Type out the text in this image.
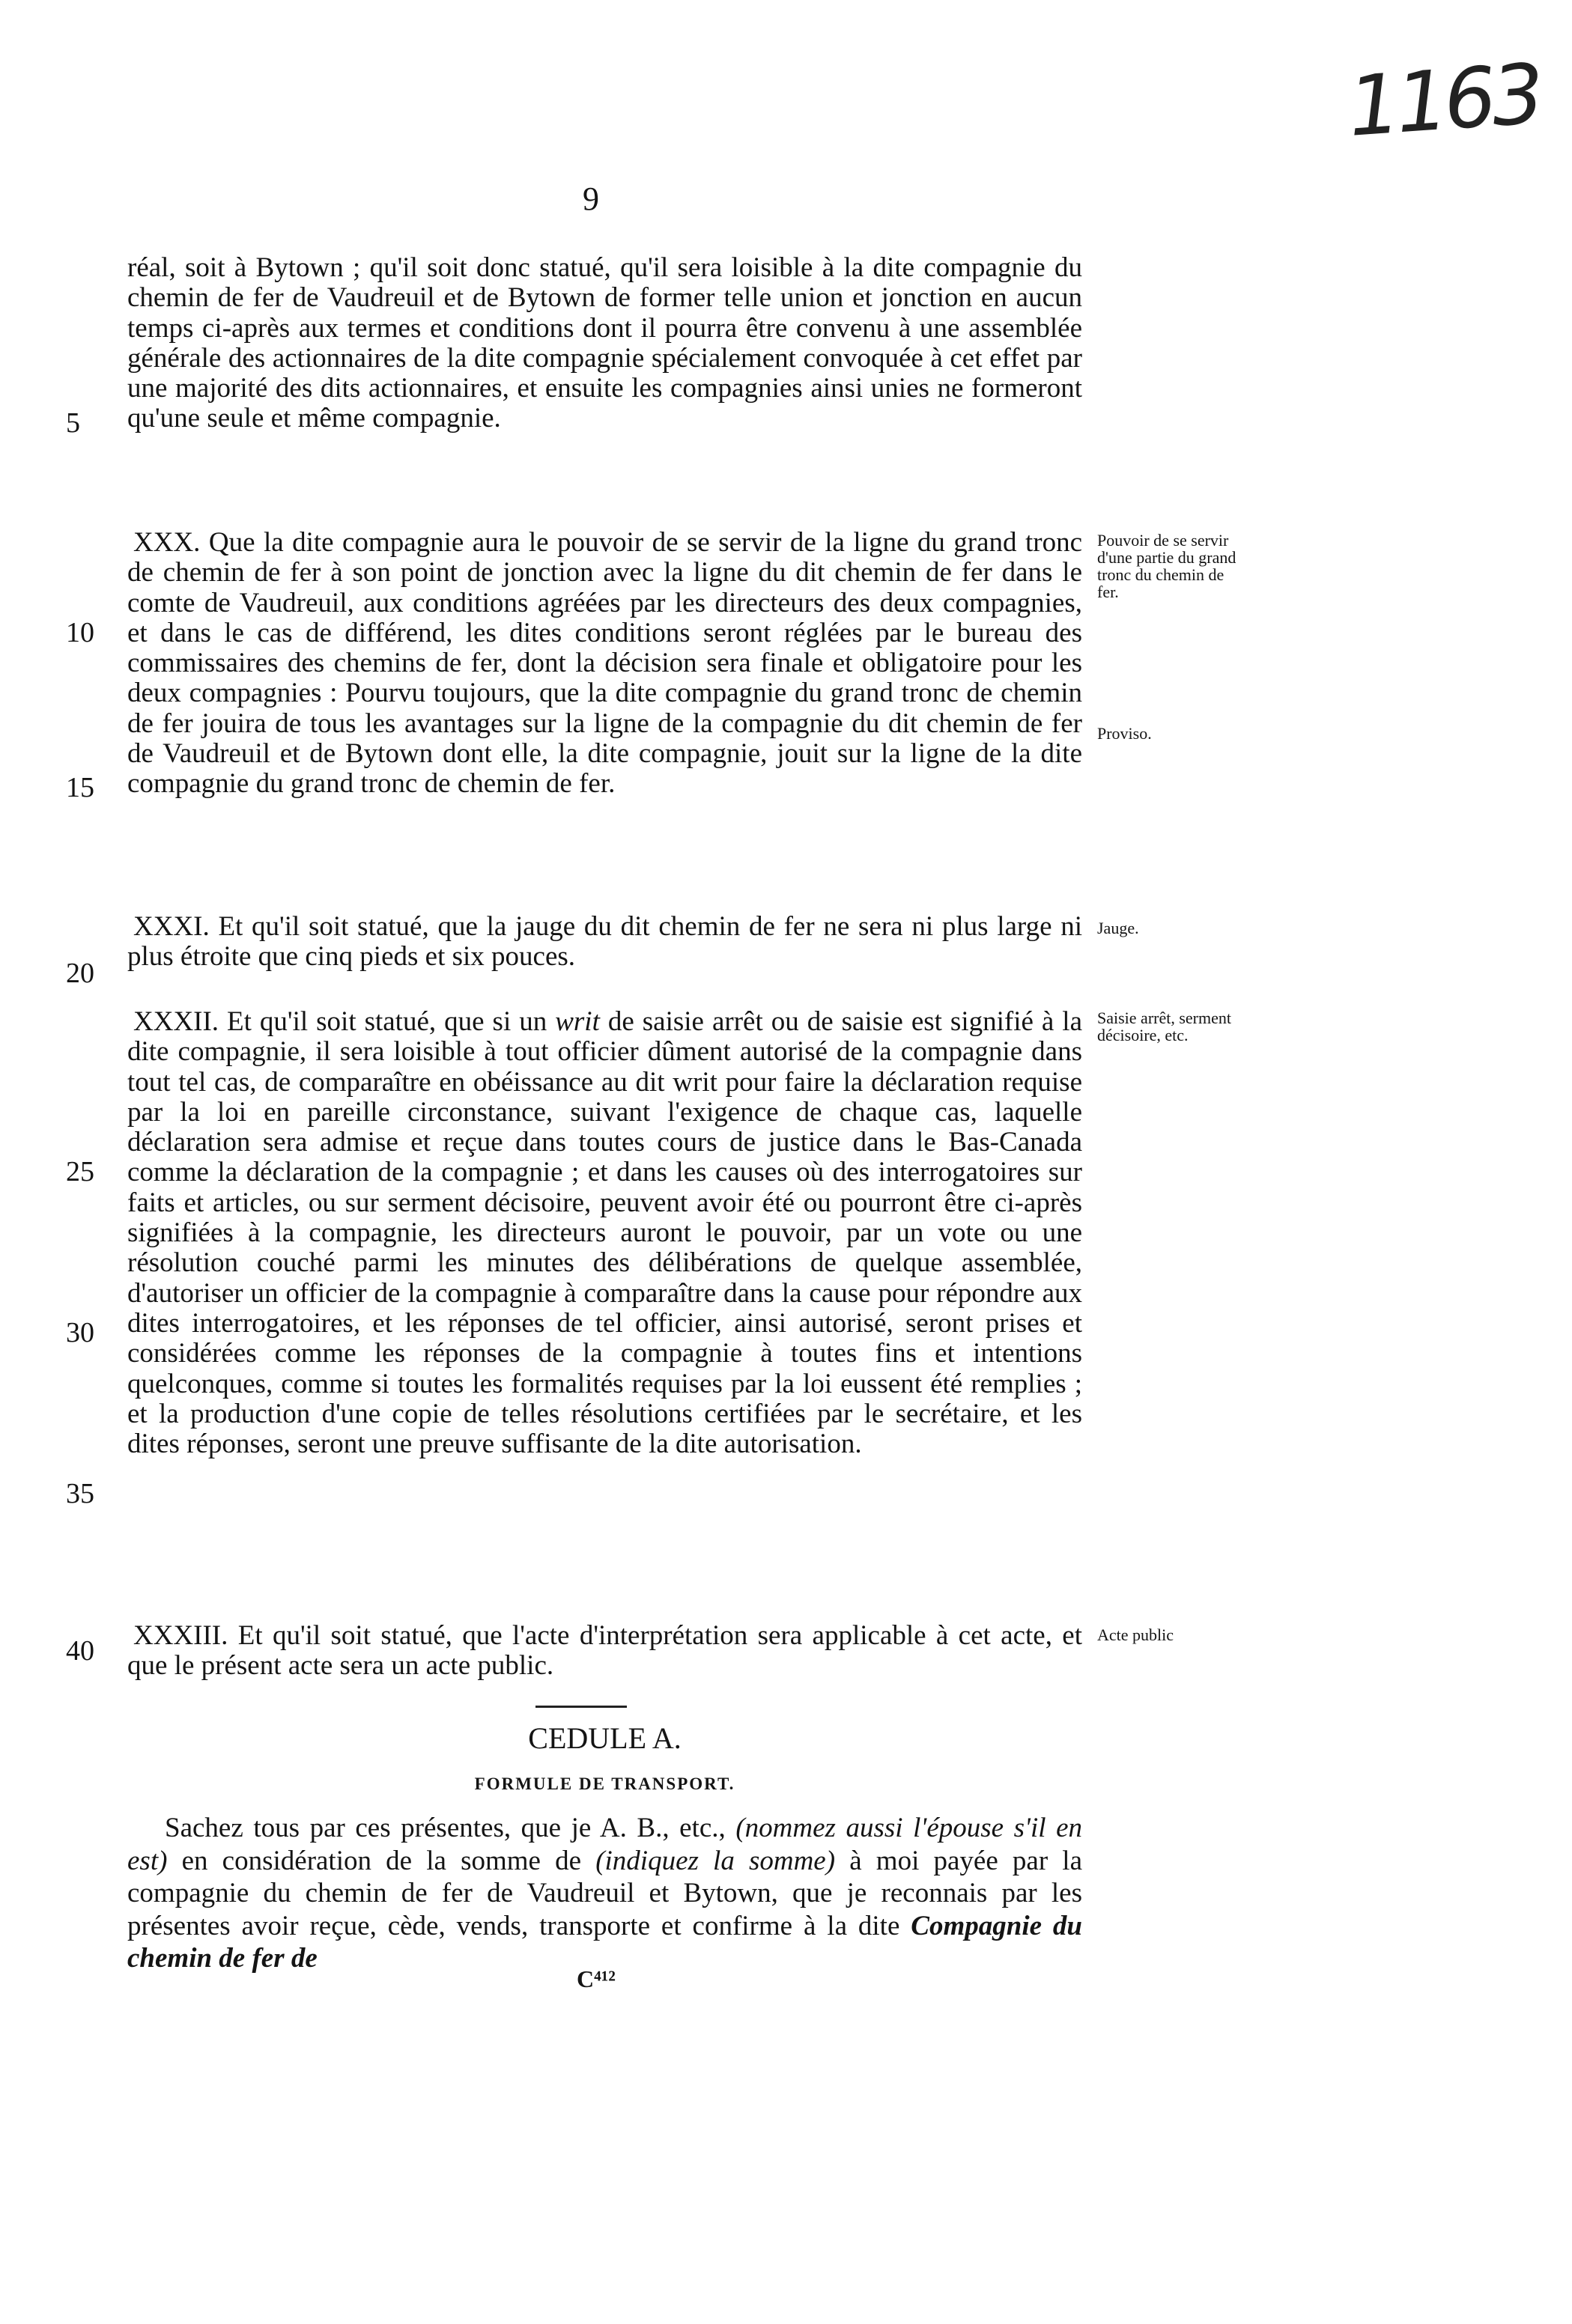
1163
9

réal, soit à Bytown ; qu'il soit donc statué, qu'il sera loisible à la dite compagnie du chemin de fer de Vaudreuil et de Bytown de former telle union et jonction en aucun temps ci-après aux termes et conditions dont il pourra être convenu à une assemblée générale des actionnaires de la dite compagnie spécialement convoquée à cet effet par une majorité des dits actionnaires, et ensuite les compagnies ainsi unies ne formeront qu'une seule et même compagnie.

XXX. Que la dite compagnie aura le pouvoir de se servir de la ligne du grand tronc de chemin de fer à son point de jonction avec la ligne du dit chemin de fer dans le comte de Vaudreuil, aux conditions agréées par les directeurs des deux compagnies, et dans le cas de différend, les dites conditions seront réglées par le bureau des commissaires des chemins de fer, dont la décision sera finale et obligatoire pour les deux compagnies : Pourvu toujours, que la dite compagnie du grand tronc de chemin de fer jouira de tous les avantages sur la ligne de la compagnie du dit chemin de fer de Vaudreuil et de Bytown dont elle, la dite compagnie, jouit sur la ligne de la dite compagnie du grand tronc de chemin de fer.

XXXI. Et qu'il soit statué, que la jauge du dit chemin de fer ne sera ni plus large ni plus étroite que cinq pieds et six pouces.

XXXII. Et qu'il soit statué, que si un writ de saisie arrêt ou de saisie est signifié à la dite compagnie, il sera loisible à tout officier dûment autorisé de la compagnie dans tout tel cas, de comparaître en obéissance au dit writ pour faire la déclaration requise par la loi en pareille circonstance, suivant l'exigence de chaque cas, laquelle déclaration sera admise et reçue dans toutes cours de justice dans le Bas-Canada comme la déclaration de la compagnie ; et dans les causes où des interrogatoires sur faits et articles, ou sur serment décisoire, peuvent avoir été ou pourront être ci-après signifiées à la compagnie, les directeurs auront le pouvoir, par un vote ou une résolution couché parmi les minutes des délibérations de quelque assemblée, d'autoriser un officier de la compagnie à comparaître dans la cause pour répondre aux dites interrogatoires, et les réponses de tel officier, ainsi autorisé, seront prises et considérées comme les réponses de la compagnie à toutes fins et intentions quelconques, comme si toutes les formalités requises par la loi eussent été remplies ; et la production d'une copie de telles résolutions certifiées par le secrétaire, et les dites réponses, seront une preuve suffisante de la dite autorisation.

XXXIII. Et qu'il soit statué, que l'acte d'interprétation sera applicable à cet acte, et que le présent acte sera un acte public.

5
10
15
20
25
30
35
40
Pouvoir de se servir d'une partie du grand tronc du chemin de fer.
Proviso.
Jauge.
Saisie arrêt, serment décisoire, etc.
Acte public
CEDULE A.
FORMULE DE TRANSPORT.

Sachez tous par ces présentes, que je A. B., etc., (nommez aussi l'épouse s'il en est) en considération de la somme de (indiquez la somme) à moi payée par la compagnie du chemin de fer de Vaudreuil et Bytown, que je reconnais par les présentes avoir reçue, cède, vends, transporte et confirme à la dite Compagnie du chemin de fer de

C⁴¹²
